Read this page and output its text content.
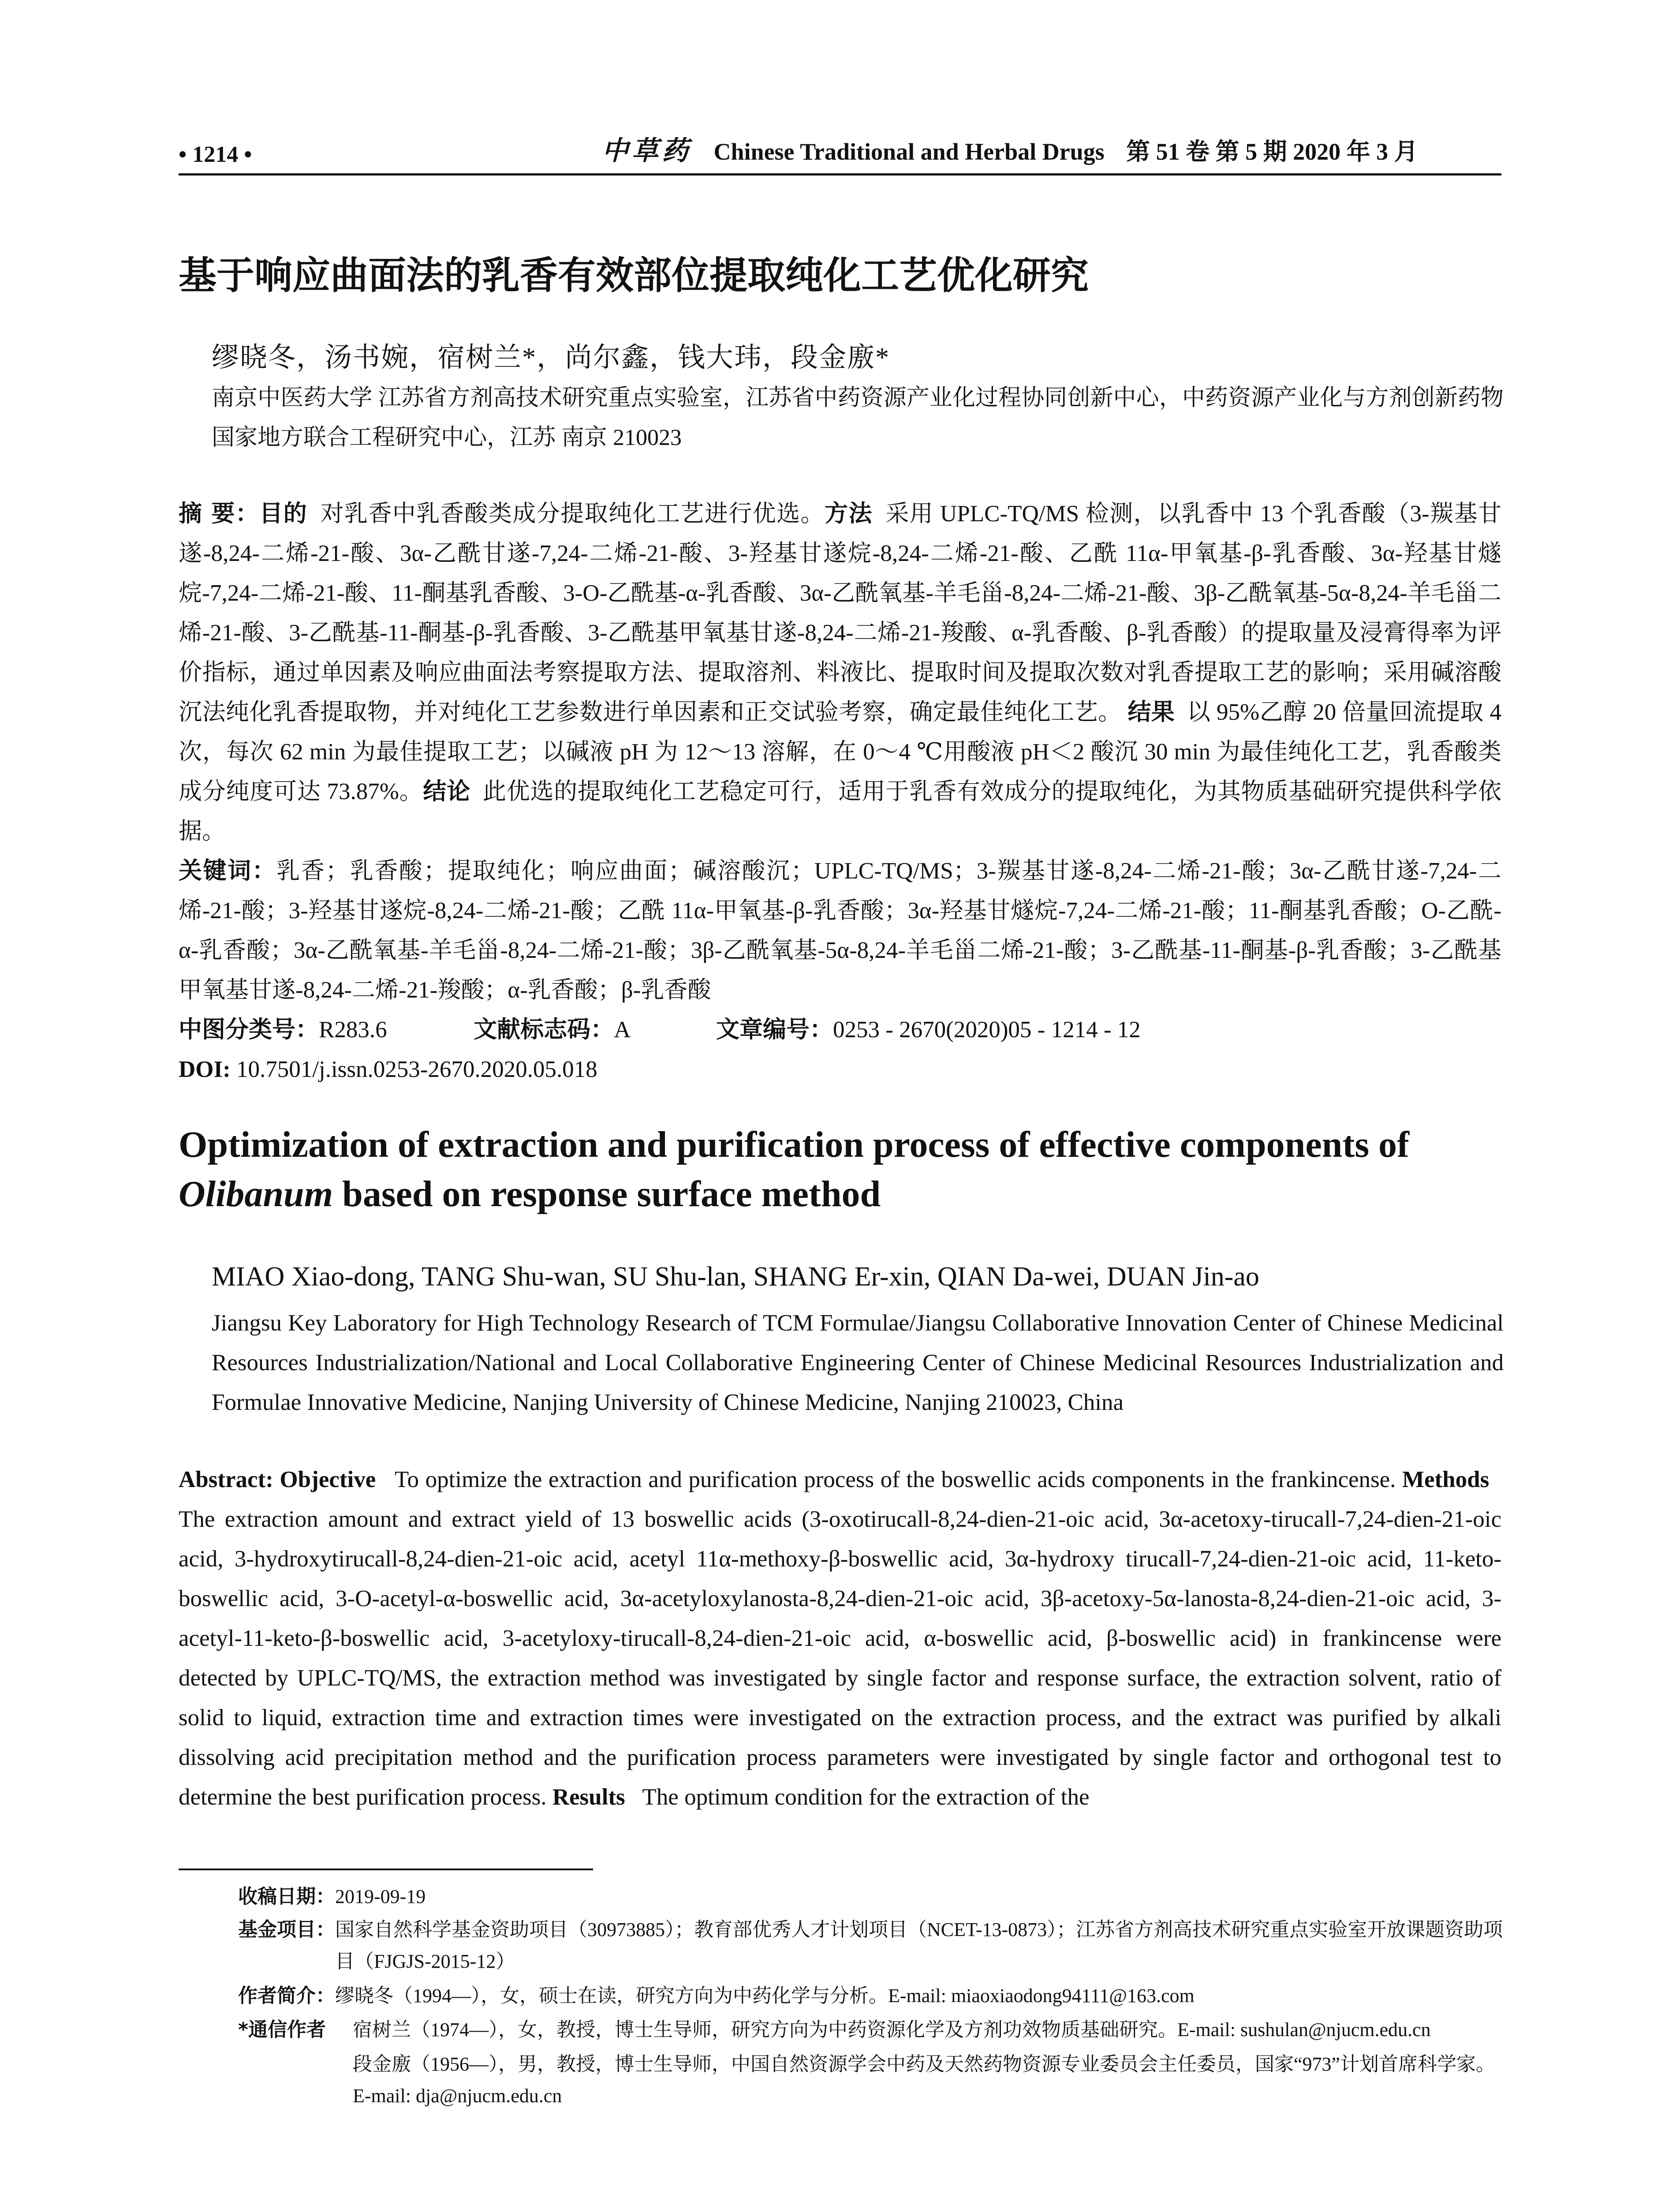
• 1214 •	中草药 Chinese Traditional and Herbal Drugs 第 51 卷 第 5 期 2020 年 3 月
基于响应曲面法的乳香有效部位提取纯化工艺优化研究
缪晓冬，汤书婉，宿树兰*，尚尔鑫，钱大玮，段金廒*
南京中医药大学 江苏省方剂高技术研究重点实验室，江苏省中药资源产业化过程协同创新中心，中药资源产业化与方剂创新药物国家地方联合工程研究中心，江苏 南京 210023

摘 要：目的 对乳香中乳香酸类成分提取纯化工艺进行优选。方法 采用 UPLC-TQ/MS 检测，以乳香中 13 个乳香酸（3-羰基甘遂-8,24-二烯-21-酸、3α-乙酰甘遂-7,24-二烯-21-酸、3-羟基甘遂烷-8,24-二烯-21-酸、乙酰 11α-甲氧基-β-乳香酸、3α-羟基甘燧烷-7,24-二烯-21-酸、11-酮基乳香酸、3-O-乙酰基-α-乳香酸、3α-乙酰氧基-羊毛甾-8,24-二烯-21-酸、3β-乙酰氧基-5α-8,24-羊毛甾二烯-21-酸、3-乙酰基-11-酮基-β-乳香酸、3-乙酰基甲氧基甘遂-8,24-二烯-21-羧酸、α-乳香酸、β-乳香酸）的提取量及浸膏得率为评价指标，通过单因素及响应曲面法考察提取方法、提取溶剂、料液比、提取时间及提取次数对乳香提取工艺的影响；采用碱溶酸沉法纯化乳香提取物，并对纯化工艺参数进行单因素和正交试验考察，确定最佳纯化工艺。 结果 以 95%乙醇 20 倍量回流提取 4 次，每次 62 min 为最佳提取工艺；以碱液 pH 为 12～13 溶解，在 0～4 ℃用酸液 pH＜2 酸沉 30 min 为最佳纯化工艺，乳香酸类成分纯度可达 73.87%。结论 此优选的提取纯化工艺稳定可行，适用于乳香有效成分的提取纯化，为其物质基础研究提供科学依据。

关键词：乳香；乳香酸；提取纯化；响应曲面；碱溶酸沉；UPLC-TQ/MS；3-羰基甘遂-8,24-二烯-21-酸；3α-乙酰甘遂-7,24-二烯-21-酸；3-羟基甘遂烷-8,24-二烯-21-酸；乙酰 11α-甲氧基-β-乳香酸；3α-羟基甘燧烷-7,24-二烯-21-酸；11-酮基乳香酸；O-乙酰-α-乳香酸；3α-乙酰氧基-羊毛甾-8,24-二烯-21-酸；3β-乙酰氧基-5α-8,24-羊毛甾二烯-21-酸；3-乙酰基-11-酮基-β-乳香酸；3-乙酰基甲氧基甘遂-8,24-二烯-21-羧酸；α-乳香酸；β-乳香酸

中图分类号：R283.6	文献标志码：A	文章编号：0253 - 2670(2020)05 - 1214 - 12

DOI: 10.7501/j.issn.0253-2670.2020.05.018

Optimization of extraction and purification process of effective components of
Olibanum based on response surface method
MIAO Xiao-dong, TANG Shu-wan, SU Shu-lan, SHANG Er-xin, QIAN Da-wei, DUAN Jin-ao
Jiangsu Key Laboratory for High Technology Research of TCM Formulae/Jiangsu Collaborative Innovation Center of Chinese Medicinal Resources Industrialization/National and Local Collaborative Engineering Center of Chinese Medicinal Resources Industrialization and Formulae Innovative Medicine, Nanjing University of Chinese Medicine, Nanjing 210023, China
Abstract: Objective To optimize the extraction and purification process of the boswellic acids components in the frankincense. Methods   The extraction amount and extract yield of 13 boswellic acids (3-oxotirucall-8,24-dien-21-oic acid, 3α-acetoxy-tirucall-7,24-dien-21-oic acid, 3-hydroxytirucall-8,24-dien-21-oic acid, acetyl 11α-methoxy-β-boswellic acid, 3α-hydroxy tirucall-7,24-dien-21-oic acid, 11-keto-boswellic acid, 3-O-acetyl-α-boswellic acid, 3α-acetyloxylanosta-8,24-dien-21-oic acid, 3β-acetoxy-5α-lanosta-8,24-dien-21-oic acid, 3-acetyl-11-keto-β-boswellic acid, 3-acetyloxy-tirucall-8,24-dien-21-oic acid, α-boswellic acid, β-boswellic acid) in frankincense were detected by UPLC-TQ/MS, the extraction method was investigated by single factor and response surface, the extraction solvent, ratio of solid to liquid, extraction time and extraction times were investigated on the extraction process, and the extract was purified by alkali dissolving acid precipitation method and the purification process parameters were investigated by single factor and orthogonal test to determine the best purification process. Results The optimum condition for the extraction of the
收稿日期：2019-09-19
基金项目：国家自然科学基金资助项目（30973885）；教育部优秀人才计划项目（NCET-13-0873）；江苏省方剂高技术研究重点实验室开放课题资助项目（FJGJS-2015-12）
作者简介：缪晓冬（1994—），女，硕士在读，研究方向为中药化学与分析。E-mail: miaoxiaodong94111@163.com
*通信作者	宿树兰（1974—），女，教授，博士生导师，研究方向为中药资源化学及方剂功效物质基础研究。E-mail: sushulan@njucm.edu.cn
段金廒（1956—），男，教授，博士生导师，中国自然资源学会中药及天然药物资源专业委员会主任委员，国家“973”计划首席科学家。E-mail: dja@njucm.edu.cn
